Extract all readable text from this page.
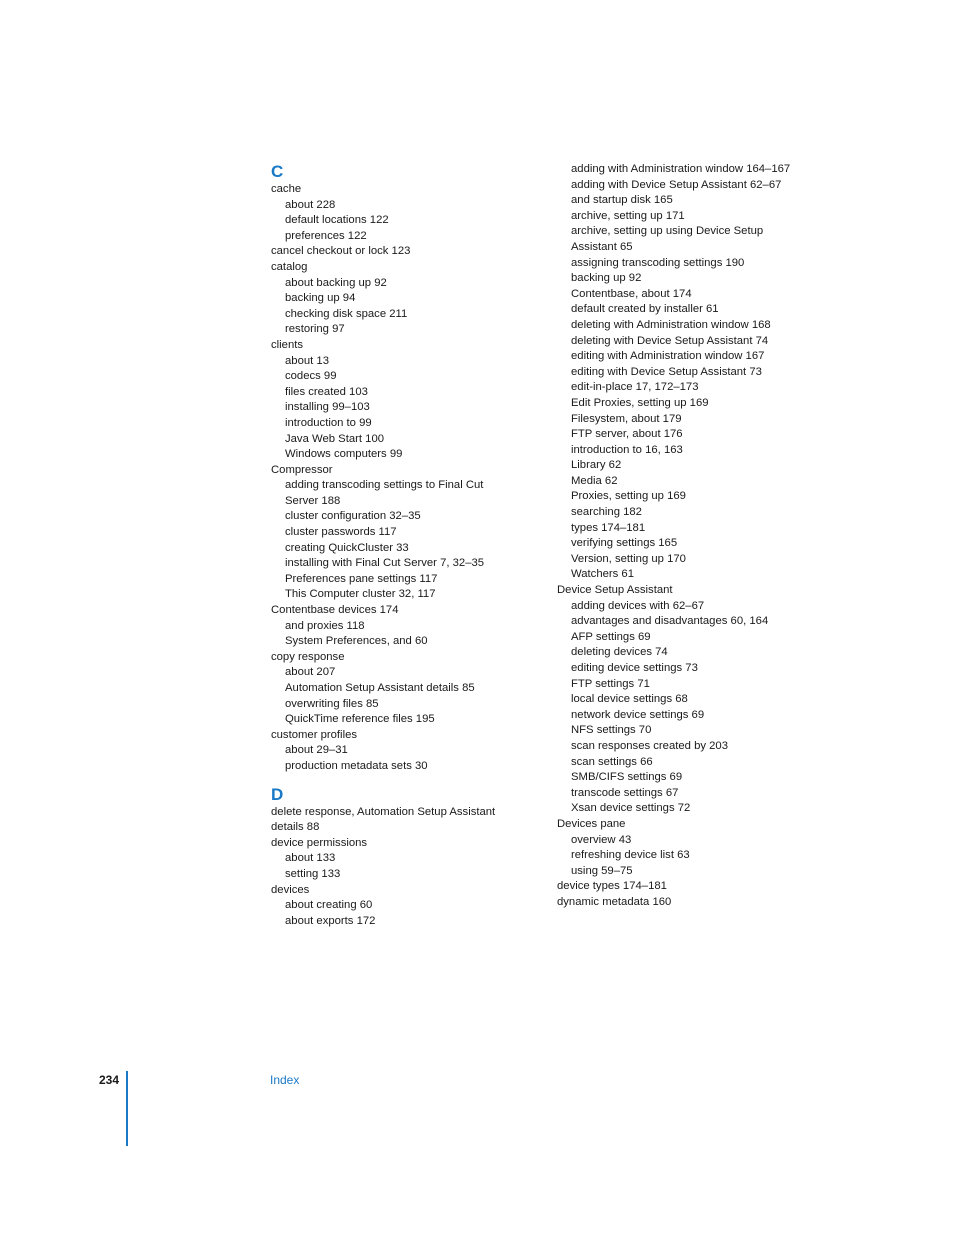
C
cache
about 228
default locations 122
preferences 122
cancel checkout or lock 123
catalog
about backing up 92
backing up 94
checking disk space 211
restoring 97
clients
about 13
codecs 99
files created 103
installing 99–103
introduction to 99
Java Web Start 100
Windows computers 99
Compressor
adding transcoding settings to Final Cut
Server 188
cluster configuration 32–35
cluster passwords 117
creating QuickCluster 33
installing with Final Cut Server 7, 32–35
Preferences pane settings 117
This Computer cluster 32, 117
Contentbase devices 174
and proxies 118
System Preferences, and 60
copy response
about 207
Automation Setup Assistant details 85
overwriting files 85
QuickTime reference files 195
customer profiles
about 29–31
production metadata sets 30
D
delete response, Automation Setup Assistant
details 88
device permissions
about 133
setting 133
devices
about creating 60
about exports 172
adding with Administration window 164–167
adding with Device Setup Assistant 62–67
and startup disk 165
archive, setting up 171
archive, setting up using Device Setup
Assistant 65
assigning transcoding settings 190
backing up 92
Contentbase, about 174
default created by installer 61
deleting with Administration window 168
deleting with Device Setup Assistant 74
editing with Administration window 167
editing with Device Setup Assistant 73
edit-in-place 17, 172–173
Edit Proxies, setting up 169
Filesystem, about 179
FTP server, about 176
introduction to 16, 163
Library 62
Media 62
Proxies, setting up 169
searching 182
types 174–181
verifying settings 165
Version, setting up 170
Watchers 61
Device Setup Assistant
adding devices with 62–67
advantages and disadvantages 60, 164
AFP settings 69
deleting devices 74
editing device settings 73
FTP settings 71
local device settings 68
network device settings 69
NFS settings 70
scan responses created by 203
scan settings 66
SMB/CIFS settings 69
transcode settings 67
Xsan device settings 72
Devices pane
overview 43
refreshing device list 63
using 59–75
device types 174–181
dynamic metadata 160
234	Index
